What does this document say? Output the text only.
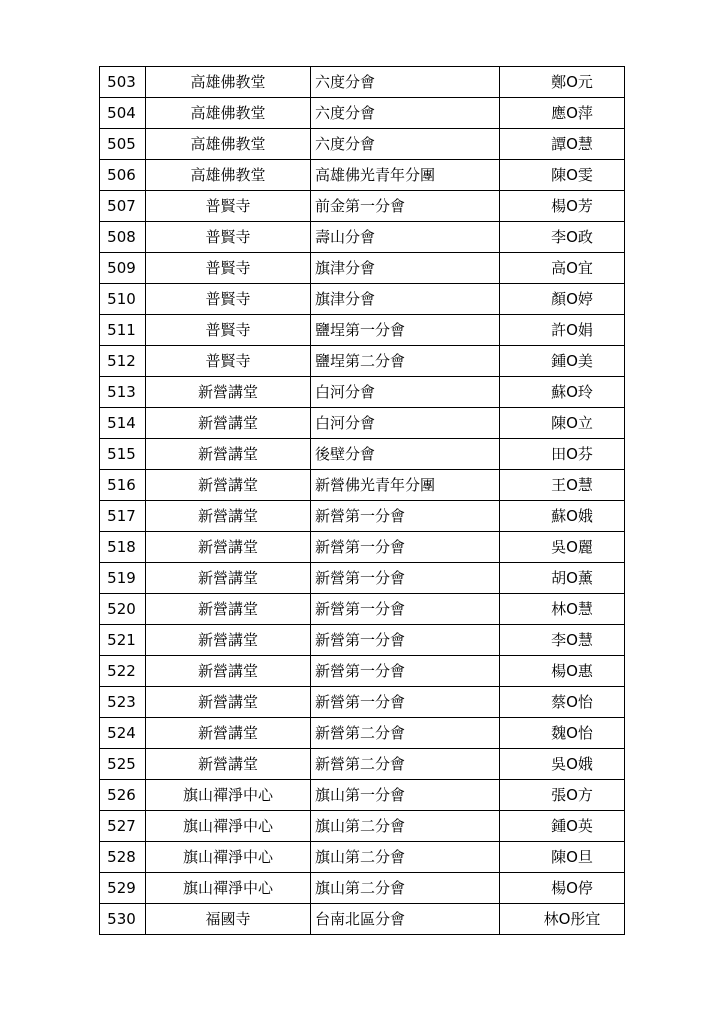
503	高雄佛教堂	六度分會	鄭O元
504	高雄佛教堂	六度分會	應O萍
505	高雄佛教堂	六度分會	譚O慧
506	高雄佛教堂	高雄佛光青年分團	陳O雯
507	普賢寺	前金第一分會	楊O芳
508	普賢寺	壽山分會	李O政
509	普賢寺	旗津分會	高O宜
510	普賢寺	旗津分會	顏O婷
511	普賢寺	鹽埕第一分會	許O娟
512	普賢寺	鹽埕第二分會	鍾O美
513	新營講堂	白河分會	蘇O玲
514	新營講堂	白河分會	陳O立
515	新營講堂	後壁分會	田O芬
516	新營講堂	新營佛光青年分團	王O慧
517	新營講堂	新營第一分會	蘇O娥
518	新營講堂	新營第一分會	吳O麗
519	新營講堂	新營第一分會	胡O薰
520	新營講堂	新營第一分會	林O慧
521	新營講堂	新營第一分會	李O慧
522	新營講堂	新營第一分會	楊O惠
523	新營講堂	新營第一分會	蔡O怡
524	新營講堂	新營第二分會	魏O怡
525	新營講堂	新營第二分會	吳O娥
526	旗山禪淨中心	旗山第一分會	張O方
527	旗山禪淨中心	旗山第二分會	鍾O英
528	旗山禪淨中心	旗山第二分會	陳O旦
529	旗山禪淨中心	旗山第二分會	楊O停
530	福國寺	台南北區分會	林O彤宜
